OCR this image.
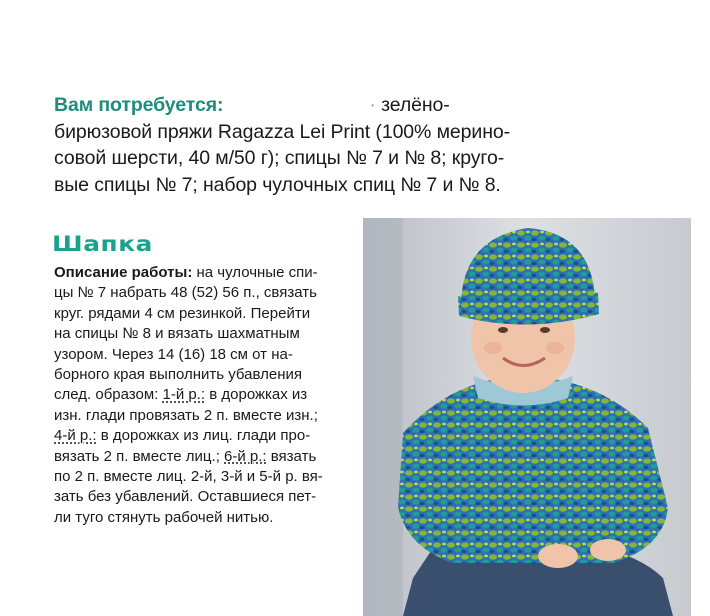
Вам потребуется:	· зелёно-
бирюзовой пряжи Ragazza Lei Print (100% мерино-
совой шерсти, 40 м/50 г); спицы № 7 и № 8; круго-
вые спицы № 7; набор чулочных спиц № 7 и № 8.
Шапка
Описание работы: на чулочные спи-
цы № 7 набрать 48 (52) 56 п., связать
круг. рядами 4 см резинкой. Перейти
на спицы № 8 и вязать шахматным
узором. Через 14 (16) 18 см от на-
борного края выполнить убавления
след. образом: 1-й р.: в дорожках из
изн. глади провязать 2 п. вместе изн.;
4-й р.: в дорожках из лиц. глади про-
вязать 2 п. вместе лиц.; 6-й р.: вязать
по 2 п. вместе лиц. 2-й, 3-й и 5-й р. вя-
зать без убавлений. Оставшиеся пет-
ли туго стянуть рабочей нитью.
